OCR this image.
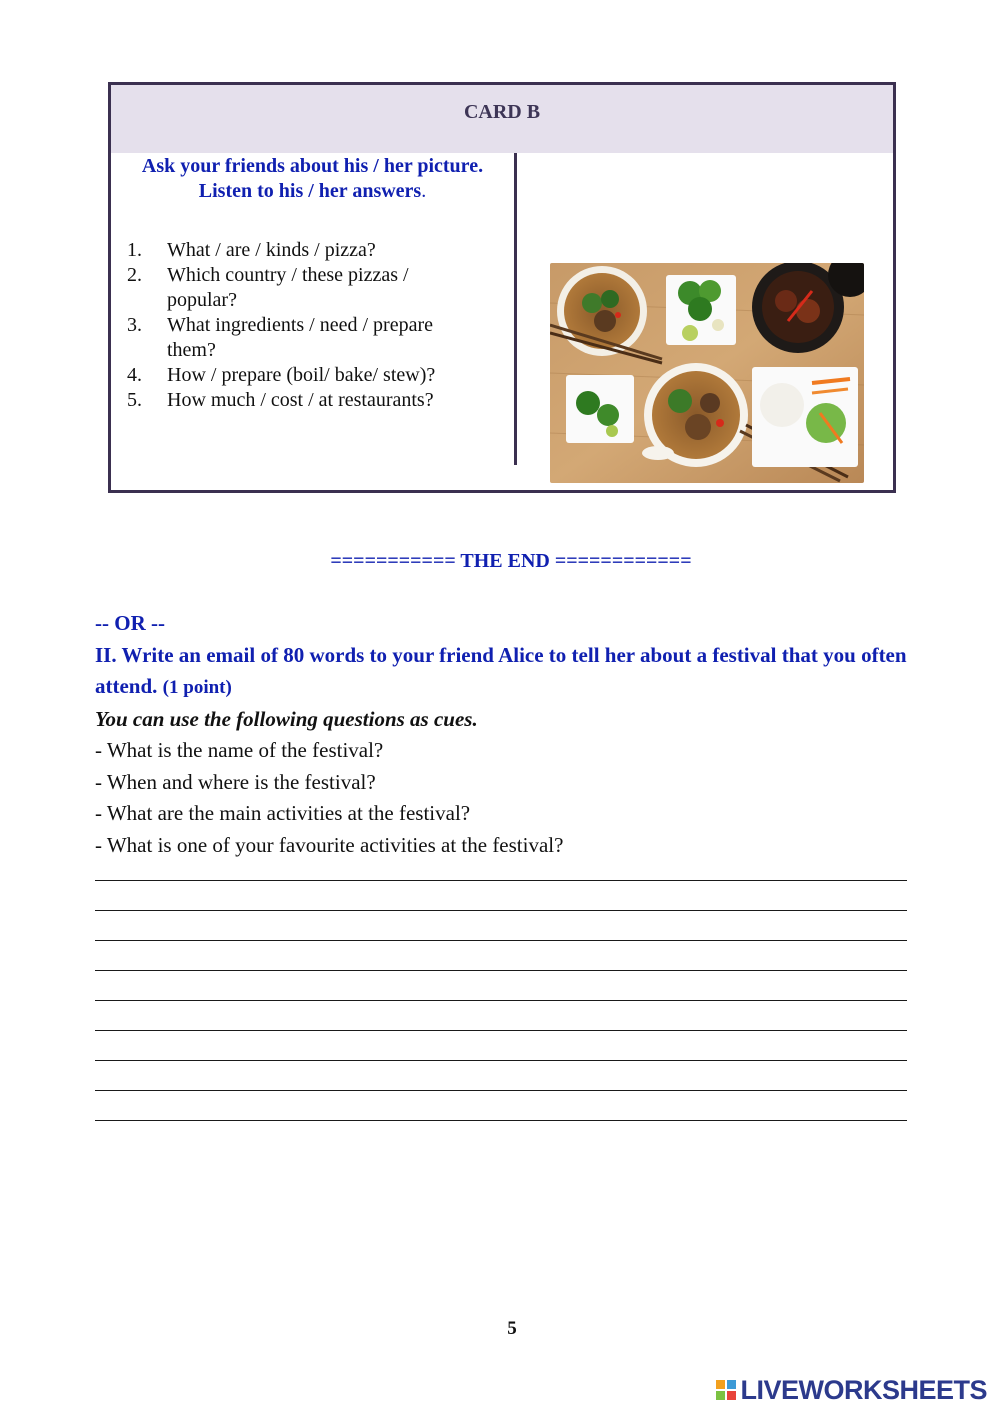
CARD B
Ask your friends about his / her picture.
Listen to his / her answers.
1.	What / are / kinds / pizza?
2.	Which country / these pizzas / popular?
3.	What ingredients / need / prepare them?
4.	How / prepare (boil/ bake/ stew)?
5.	How much / cost / at restaurants?
=========== THE END ============
-- OR --
II. Write an email of 80 words to your friend Alice to tell her about a festival that you often attend. (1 point)
You can use the following questions as cues.
- What is the name of the festival?
- When and where is the festival?
- What are the main activities at the festival?
- What is one of your favourite activities at the festival?
5
LIVEWORKSHEETS
